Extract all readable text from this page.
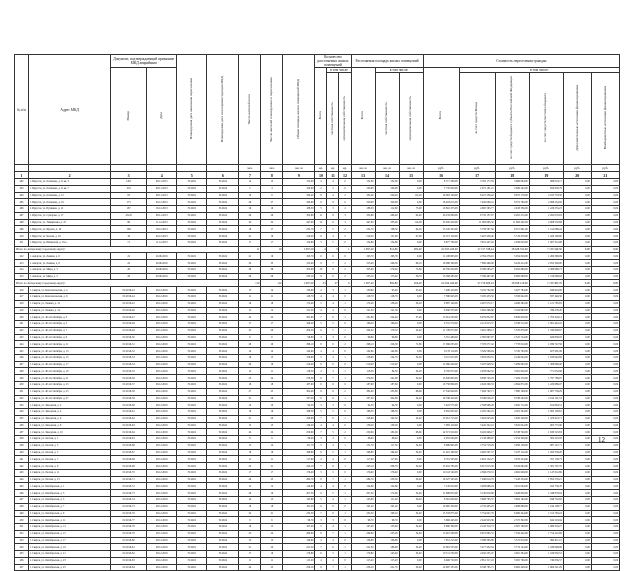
№ п/п	Адрес МКД	Документ, подтверждающий признание МКД аварийным		Планируемая дата окончания переселения	Планируемая дата сноса/реконструкции МКД	Число жителей всего	Число жителей планируемых к переселению	Общая площадь жилых помещений МКД	Количество расселяемых жилых помещений			Расселяемая площадь жилых помещений			Стоимость переселения граждан					
		Номер	Дата						Всего	в том числе		Всего	в том числе:		Всего	в том числе:				
										частная собственность	муниципальная собственность		частная собственность	муниципальная собственность		за счет средств Фонда	за счет средств бюджета субъекта Российской Федерации	за счет средств местного бюджета	Дополнительные источники финансирования	Внебюджетные источники финансирования

						чел.	чел.	кв. м	ед.	ед.	ед.	кв. м	кв. м	кв. м	руб.	руб.	руб.	руб.	руб.	руб.
1	2	3	4	5	6	7	8	9	10	11	12	13	14	15	16	17	18	19	20	21
402	г. Иркутск, ул. Осипенко, д. 8, кв. 3	1201	06.11.2015	IV.2022	IV.2024	14	13	152,00	4	4	0	152,00	152,00	0,00	8 717 280,00	3 762 177,83	3 966 084,00	988 018,17	0,00	0,00
403	г. Иркутск, ул. Осипенко, д. 8, кв. 7	219	08.11.2013	IV.2022	IV.2024	5	4	100,00	2	2	0	100,00	100,00	0,00	5 735 000,00	2 475 101,21	2 609 242,00	650 656,79	0,00	0,00
404	г. Иркутск, ул. Осипенко, д. 12	93	08.11.2013	IV.2022	IV.2024	10	9	332,40	6	4	2	332,40	220,20	112,20	19 063 140,00	8 227 236,42	8 672 170,00	2 163 733,58	0,00	0,00
405	г. Иркутск, ул. Осипенко, д. 16	175	04.12.2013	IV.2022	IV.2024	29	27	320,90	8	8	0	320,90	320,90	0,00	18 403 615,00	7 942 600,41	8 372 760,00	2 088 254,59	0,00	0,00
406	г. Иркутск, ул. Пушкина, д. 12	187	18.12.2013	IV.2022	IV.2024	16	16	188,50	5	3	2	188,50	112,60	75,90	10 810 475,00	4 665 565,77	4 918 356,00	1 226 553,23	0,00	0,00
407	г. Иркутск, ул. Суворова, д. 17	1П-25	08.11.2013	IV.2022	IV.2024	26	26	352,80	11	8	3	352,80	260,40	92,40	20 233 080,00	8 732 137,07	9 205 272,00	2 295 670,93	0,00	0,00
408	г. Иркутск, ул. Тимирязева, д. 47	89	11.12.2013	IV.2022	IV.2024	34	32	447,00	12	9	3	447,00	333,00	114,00	25 635 450,00	11 063 695,32	11 663 202,00	2 908 552,68	0,00	0,00
409	г. Иркутск, ул. Фрунзе, д. 16	189	18.12.2013	IV.2022	IV.2024	18	17	232,70	7	5	2	232,70	168,50	64,20	13 345 345,00	5 759 597,56	6 071 661,00	1 514 086,44	0,00	0,00
410	г. Иркутск, ул. Чехова, д. 19	16	04.12.2013	IV.2022	IV.2024	21	19	219,20	6	4	2	219,20	151,60	67,60	12 571 120,00	5 425 459,40	5 719 470,00	1 426 190,60	0,00	0,00
411	г. Иркутск, ул. Шевцовой, д. 19-а	71	11.12.2013	IV.2022	IV.2024	17	17	154,80	5	5	0	154,80	154,80	0,00	8 877 780,00	3 831 447,02	4 039 020,00	1 007 312,98	0,00	0,00
Итого по Ангарскому городскому округу:						11	10	1 097,20	4	3	1	1 097,20	814,80	282,40	62 925 420,00	27 157 538,44	28 628 532,00	7 139 349,56	0,00	0,00
412	г. Ангарск, ул. Ленина, д. 6	22	20.06.2016	IV.2022	IV.2024	21	19	193,70	6	6	0	193,70	193,70	0,00	11 108 695,00	4 794 276,91	5 054 020,00	1 260 398,09	0,00	0,00
413	г. Ангарск, ул. Ленина, д. 8	24	20.06.2016	IV.2022	IV.2024	34	33	315,40	9	7	2	315,40	246,30	69,10	18 088 190,00	7 806 469,00	8 229 412,00	2 052 309,00	0,00	0,00
414	г. Ангарск, ул. Мира, д. 3	26	20.06.2016	IV.2022	IV.2024	38	36	355,00	10	8	2	355,00	279,40	75,60	20 359 250,00	8 786 583,27	9 262 680,00	2 309 986,73	0,00	0,00
415	г. Ангарск, ул. Мира, д. 5	28	20.06.2016	IV.2022	IV.2024	26	26	233,10	8	6	2	233,10	173,40	59,70	13 368 285,00	5 769 497,06	6 082 098,00	1 516 689,94	0,00	0,00
Итого по Ангарскому городскому округу:						119	114	1 097,20	33	27	6	1 097,20	892,80	204,40	62 924 420,00	27 156 826,24	28 628 210,00	7 139 383,76	0,00	0,00
416	г. Свирск, ул. Комсомольская, д. 4	01/2016-43	28.12.2016	IV.2022	IV.2024	15	14	130,60	4	3	1	130,60	95,20	35,40	7 490 410,00	3 232 702,00	3 407 784,00	849 924,00	0,00	0,00
417	г. Свирск, ул. Комсомольская, д. 6	01/2016-44	28.12.2016	IV.2022	IV.2024	11	11	128,70	4	4	0	128,70	128,70	0,00	7 380 945,00	3 185 453,50	3 358 042,00	837 449,50	0,00	0,00
418	г. Свирск, ул. Ленина, д. 12	01/2016-45	28.12.2016	IV.2022	IV.2024	19	18	172,40	5	4	1	172,40	138,20	34,20	9 887 140,00	4 267 072,17	4 498 282,00	1 121 785,83	0,00	0,00
419	г. Свирск, ул. Ленина, д. 14	01/2016-46	28.12.2016	IV.2022	IV.2024	13	12	121,30	4	4	0	121,30	121,30	0,00	6 956 555,00	3 002 296,80	3 164 982,00	789 276,20	0,00	0,00
420	г. Свирск, ул. 40 лет Октября, д. 3	01/2016-47	28.12.2016	IV.2022	IV.2024	24	22	261,80	7	6	1	261,80	224,40	37,40	15 014 230,00	6 479 852,87	6 830 958,00	1 703 419,13	0,00	0,00
421	г. Свирск, ул. 40 лет Октября, д. 5	01/2016-48	28.12.2016	IV.2022	IV.2024	17	17	166,20	5	5	0	166,20	166,20	0,00	9 531 570,00	4 113 615,57	4 336 512,00	1 081 442,43	0,00	0,00
422	г. Свирск, ул. 40 лет Октября, д. 7	01/2016-49	28.12.2016	IV.2022	IV.2024	22	20	204,50	6	5	1	204,50	170,10	34,40	11 728 075,00	5 061 588,13	5 335 878,00	1 330 608,87	0,00	0,00
423	г. Свирск, ул. 40 лет Октября, д. 9	01/2016-50	28.12.2016	IV.2022	IV.2024	9	9	96,80	3	3	0	96,80	96,80	0,00	5 551 480,00	2 395 897,97	2 525 724,00	629 858,03	0,00	0,00
424	г. Свирск, ул. 40 лет Октября, д. 11	01/2016-51	28.12.2016	IV.2022	IV.2024	28	26	298,10	8	6	2	298,10	226,30	71,80	17 096 035,00	7 378 277,42	7 778 010,00	1 939 747,58	0,00	0,00
425	г. Свирск, ул. 40 лет Октября, д. 13	01/2016-52	28.12.2016	IV.2022	IV.2024	14	14	142,60	4	4	0	142,60	142,60	0,00	8 178 110,00	3 529 506,94	3 720 702,00	927 901,06	0,00	0,00
426	г. Свирск, ул. 40 лет Октября, д. 15	01/2016-53	28.12.2016	IV.2022	IV.2024	16	15	158,90	5	4	1	158,90	124,70	34,20	9 112 915,00	3 932 930,31	4 146 042,00	1 033 942,69	0,00	0,00
427	г. Свирск, ул. 40 лет Октября, д. 17	01/2016-54	28.12.2016	IV.2022	IV.2024	20	19	210,40	6	6	0	210,40	210,40	0,00	12 066 440,00	5 207 648,52	5 489 802,00	1 368 989,48	0,00	0,00
428	г. Свирск, ул. 40 лет Октября, д. 19	01/2016-55	28.12.2016	IV.2022	IV.2024	12	11	118,50	4	3	1	118,50	84,30	34,20	6 795 975,00	2 933 002,32	3 091 920,00	771 052,68	0,00	0,00
429	г. Свирск, ул. 40 лет Октября, д. 21	01/2016-56	28.12.2016	IV.2022	IV.2024	25	24	276,30	8	7	1	276,30	241,90	34,40	15 845 805,00	6 838 745,03	7 209 270,00	1 797 789,97	0,00	0,00
430	г. Свирск, ул. 40 лет Октября, д. 23	01/2016-57	28.12.2016	IV.2022	IV.2024	18	18	187,60	6	6	0	187,60	187,60	0,00	10 758 860,00	4 643 299,53	4 894 872,00	1 220 688,47	0,00	0,00
431	г. Свирск, ул. 40 лет Октября, д. 25	01/2016-58	28.12.2016	IV.2022	IV.2024	27	25	302,40	8	6	2	302,40	233,80	68,60	17 342 640,00	7 484 702,71	7 890 198,00	1 967 739,29	0,00	0,00
432	г. Свирск, ул. 40 лет Октября, д. 27	01/2016-59	28.12.2016	IV.2022	IV.2024	31	29	337,20	9	8	1	337,20	302,80	34,40	19 338 420,00	8 346 026,47	8 798 202,00	2 194 191,53	0,00	0,00
433	г. Свирск, ул. Заводская, д. 2	01/2016-60	28.12.2016	IV.2022	IV.2024	10	10	94,50	3	3	0	94,50	94,50	0,00	5 419 575,00	2 338 968,49	2 465 712,00	614 894,51	0,00	0,00
434	г. Свирск, ул. Заводская, д. 4	01/2016-61	28.12.2016	IV.2022	IV.2024	16	16	168,30	5	5	0	168,30	168,30	0,00	9 652 005,00	4 165 592,19	4 391 304,00	1 095 108,81	0,00	0,00
435	г. Свирск, ул. Заводская, д. 6	01/2016-62	28.12.2016	IV.2022	IV.2024	21	20	226,90	7	6	1	226,90	192,50	34,40	13 012 715,00	5 616 043,29	5 920 248,00	1 476 423,71	0,00	0,00
436	г. Свирск, ул. Заводская, д. 8	01/2016-63	28.12.2016	IV.2022	IV.2024	13	13	139,20	4	4	0	139,20	139,20	0,00	7 983 120,00	3 445 322,10	3 632 022,00	905 775,90	0,00	0,00
437	г. Свирск, ул. Заводская, д. 10	01/2016-64	28.12.2016	IV.2022	IV.2024	24	22	250,60	7	5	2	250,60	182,00	68,60	14 371 910,00	6 202 646,17	6 538 740,00	1 630 523,83	0,00	0,00
438	г. Свирск, ул. Лесная, д. 1	01/2016-65	28.12.2016	IV.2022	IV.2024	8	8	86,40	3	3	0	86,40	86,40	0,00	4 955 040,00	2 138 488,07	2 254 326,00	562 225,93	0,00	0,00
439	г. Свирск, ул. Лесная, д. 3	01/2016-66	28.12.2016	IV.2022	IV.2024	15	14	151,70	5	4	1	151,70	117,30	34,40	8 699 995,00	3 754 719,29	3 958 128,00	987 147,71	0,00	0,00
440	г. Свирск, ул. Лесная, д. 5	01/2016-67	28.12.2016	IV.2022	IV.2024	19	18	198,80	6	5	1	198,80	164,40	34,40	11 401 180,00	4 920 507,72	5 187 114,00	1 293 558,28	0,00	0,00
441	г. Свирск, ул. Лесная, д. 7	01/2016-68	28.12.2016	IV.2022	IV.2024	11	11	117,90	4	4	0	117,90	117,90	0,00	6 761 565,00	2 918 152,27	3 076 254,00	767 158,73	0,00	0,00
442	г. Свирск, ул. Лесная, д. 9	01/2016-69	28.12.2016	IV.2022	IV.2024	23	21	243,10	7	6	1	243,10	208,70	34,40	13 941 785,00	6 017 015,30	6 343 062,00	1 581 707,70	0,00	0,00
443	г. Свирск, ул. Лесная, д. 11	01/2016-70	28.12.2016	IV.2022	IV.2024	17	17	176,40	5	5	0	176,40	176,40	0,00	10 116 540,00	4 366 079,31	4 602 648,00	1 147 812,69	0,00	0,00
444	г. Свирск, ул. Лесная, д. 13	01/2016-71	28.12.2016	IV.2022	IV.2024	26	25	284,70	8	7	1	284,70	250,30	34,40	16 327 545,00	7 046 614,79	7 428 354,00	1 852 576,21	0,00	0,00
445	г. Свирск, ул. Октябрьская, д. 1	01/2016-72	28.12.2016	IV.2022	IV.2024	12	12	124,60	4	4	0	124,60	124,60	0,00	7 145 810,00	3 083 986,24	3 251 064,00	810 759,76	0,00	0,00
446	г. Свирск, ул. Октябрьская, д. 3	01/2016-73	28.12.2016	IV.2022	IV.2024	20	19	207,30	6	5	1	207,30	172,90	34,40	11 888 655,00	5 130 919,96	5 408 856,00	1 348 879,04	0,00	0,00
447	г. Свирск, ул. Октябрьская, д. 5	01/2016-74	28.12.2016	IV.2022	IV.2024	14	13	145,80	5	4	1	145,80	111,40	34,40	8 361 630,00	3 608 705,37	3 804 192,00	948 732,63	0,00	0,00
448	г. Свирск, ул. Октябрьская, д. 7	01/2016-75	28.12.2016	IV.2022	IV.2024	18	18	191,20	6	6	0	191,20	191,20	0,00	10 965 320,00	4 732 403,23	4 988 808,00	1 244 108,77	0,00	0,00
449	г. Свирск, ул. Октябрьская, д. 9	01/2016-76	28.12.2016	IV.2022	IV.2024	22	21	232,50	7	6	1	232,50	198,10	34,40	13 333 875,00	5 754 647,76	6 066 444,00	1 512 783,24	0,00	0,00
450	г. Свирск, ул. Октябрьская, д. 11	01/2016-77	28.12.2016	IV.2022	IV.2024	9	9	98,70	3	3	0	98,70	98,70	0,00	5 660 445,00	2 442 923,36	2 575 302,00	642 219,64	0,00	0,00
451	г. Свирск, ул. Октябрьская, д. 13	01/2016-78	28.12.2016	IV.2022	IV.2024	16	15	167,40	5	4	1	167,40	133,00	34,40	9 600 390,00	4 143 310,73	4 367 760,00	1 089 319,27	0,00	0,00
452	г. Свирск, ул. Октябрьская, д. 15	01/2016-79	28.12.2016	IV.2022	IV.2024	25	24	269,60	8	7	1	269,60	235,20	34,40	15 461 560,00	6 672 895,31	7 034 442,00	1 754 222,69	0,00	0,00
453	г. Свирск, ул. Октябрьская, д. 17	01/2016-80	28.12.2016	IV.2022	IV.2024	13	13	136,90	4	4	0	136,90	136,90	0,00	7 851 215,00	3 388 393,99	3 572 010,00	890 811,01	0,00	0,00
454	г. Свирск, ул. Октябрьская, д. 19	01/2016-81	28.12.2016	IV.2022	IV.2024	21	20	221,30	7	6	1	221,30	186,90	34,40	12 691 555,00	5 477 432,04	5 774 124,00	1 439 998,96	0,00	0,00
455	г. Свирск, ул. Октябрьская, д. 21	01/2016-82	28.12.2016	IV.2022	IV.2024	17	16	179,80	6	5	1	179,80	145,40	34,40	10 311 530,00	4 450 235,47	4 691 364,00	1 169 930,53	0,00	0,00
456	г. Свирск, ул. Октябрьская, д. 23	01/2016-83	28.12.2016	IV.2022	IV.2024	11	11	115,20	4	4	0	115,20	115,20	0,00	6 606 720,00	2 851 317,43	3 005 766,00	749 636,57	0,00	0,00
457	г. Свирск, ул. Октябрьская, д. 25	01/2016-84	28.12.2016	IV.2022	IV.2024	24	23	256,10	8	7	1	256,10	221,70	34,40	14 687 335,00	6 338 765,71	6 682 248,00	1 666 321,29	0,00	0,00
12
